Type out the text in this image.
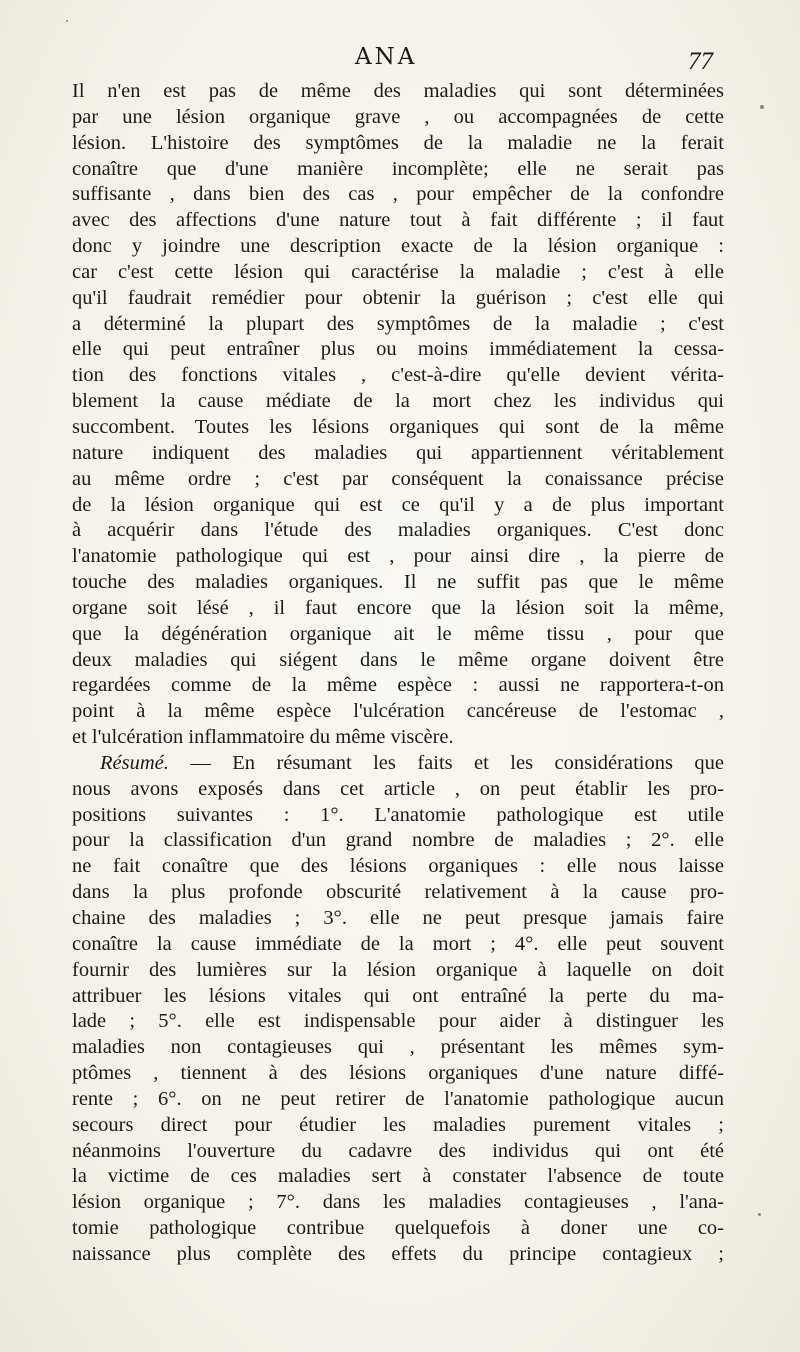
ANA	77
Il n'en est pas de même des maladies qui sont déterminées
par une lésion organique grave , ou accompagnées de cette
lésion. L'histoire des symptômes de la maladie ne la ferait
conaître que d'une manière incomplète; elle ne serait pas
suffisante , dans bien des cas , pour empêcher de la confondre
avec des affections d'une nature tout à fait différente ; il faut
donc y joindre une description exacte de la lésion organique :
car c'est cette lésion qui caractérise la maladie ; c'est à elle
qu'il faudrait remédier pour obtenir la guérison ; c'est elle qui
a déterminé la plupart des symptômes de la maladie ; c'est
elle qui peut entraîner plus ou moins immédiatement la cessa-
tion des fonctions vitales , c'est-à-dire qu'elle devient vérita-
blement la cause médiate de la mort chez les individus qui
succombent. Toutes les lésions organiques qui sont de la même
nature indiquent des maladies qui appartiennent véritablement
au même ordre ; c'est par conséquent la conaissance précise
de la lésion organique qui est ce qu'il y a de plus important
à acquérir dans l'étude des maladies organiques. C'est donc
l'anatomie pathologique qui est , pour ainsi dire , la pierre de
touche des maladies organiques. Il ne suffit pas que le même
organe soit lésé , il faut encore que la lésion soit la même,
que la dégénération organique ait le même tissu , pour que
deux maladies qui siégent dans le même organe doivent être
regardées comme de la même espèce : aussi ne rapportera-t-on
point à la même espèce l'ulcération cancéreuse de l'estomac ,
et l'ulcération inflammatoire du même viscère.
Résumé. — En résumant les faits et les considérations que
nous avons exposés dans cet article , on peut établir les pro-
positions suivantes : 1°. L'anatomie pathologique est utile
pour la classification d'un grand nombre de maladies ; 2°. elle
ne fait conaître que des lésions organiques : elle nous laisse
dans la plus profonde obscurité relativement à la cause pro-
chaine des maladies ; 3°. elle ne peut presque jamais faire
conaître la cause immédiate de la mort ; 4°. elle peut souvent
fournir des lumières sur la lésion organique à laquelle on doit
attribuer les lésions vitales qui ont entraîné la perte du ma-
lade ; 5°. elle est indispensable pour aider à distinguer les
maladies non contagieuses qui , présentant les mêmes sym-
ptômes , tiennent à des lésions organiques d'une nature diffé-
rente ; 6°. on ne peut retirer de l'anatomie pathologique aucun
secours direct pour étudier les maladies purement vitales ;
néanmoins l'ouverture du cadavre des individus qui ont été
la victime de ces maladies sert à constater l'absence de toute
lésion organique ; 7°. dans les maladies contagieuses , l'ana-
tomie pathologique contribue quelquefois à doner une co-
naissance plus complète des effets du principe contagieux ;
